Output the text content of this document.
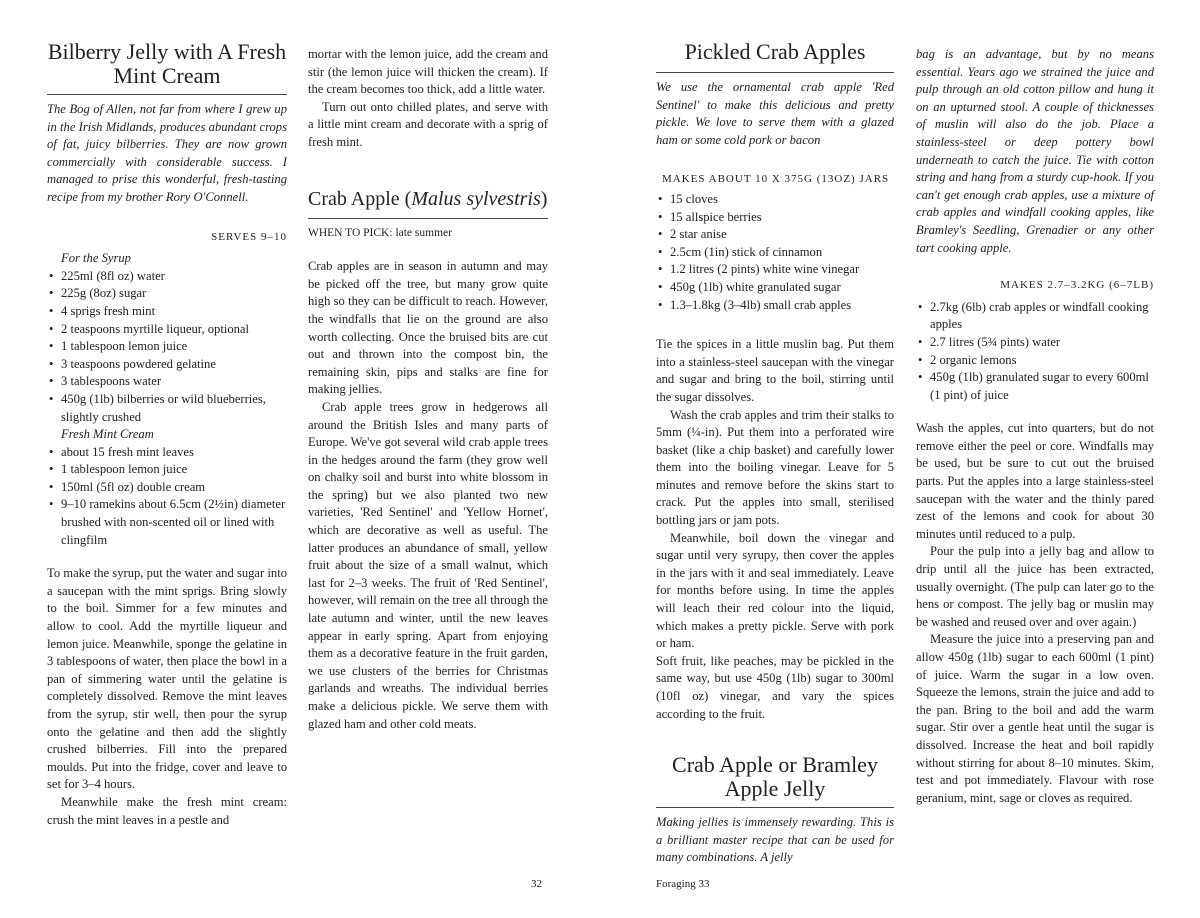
Bilberry Jelly with A Fresh Mint Cream

The Bog of Allen, not far from where I grew up in the Irish Midlands, produces abundant crops of fat, juicy bilberries. They are now grown commercially with considerable success. I managed to prise this wonderful, fresh-tasting recipe from my brother Rory O'Connell.

SERVES 9–10
For the Syrup
• 225ml (8fl oz) water
• 225g (8oz) sugar
• 4 sprigs fresh mint
• 2 teaspoons myrtille liqueur, optional
• 1 tablespoon lemon juice
• 3 teaspoons powdered gelatine
• 3 tablespoons water
• 450g (1lb) bilberries or wild blueberries, slightly crushed
Fresh Mint Cream
• about 15 fresh mint leaves
• 1 tablespoon lemon juice
• 150ml (5fl oz) double cream
• 9–10 ramekins about 6.5cm (2½in) diameter brushed with non-scented oil or lined with clingfilm

To make the syrup, put the water and sugar into a saucepan with the mint sprigs. Bring slowly to the boil. Simmer for a few minutes and allow to cool. Add the myrtille liqueur and lemon juice. Meanwhile, sponge the gelatine in 3 tablespoons of water, then place the bowl in a pan of simmering water until the gelatine is completely dissolved. Remove the mint leaves from the syrup, stir well, then pour the syrup onto the gelatine and then add the slightly crushed bilberries. Fill into the prepared moulds. Put into the fridge, cover and leave to set for 3–4 hours.

Meanwhile make the fresh mint cream: crush the mint leaves in a pestle and

mortar with the lemon juice, add the cream and stir (the lemon juice will thicken the cream). If the cream becomes too thick, add a little water.

Turn out onto chilled plates, and serve with a little mint cream and decorate with a sprig of fresh mint.

Crab Apple (Malus sylvestris)
WHEN TO PICK: late summer

Crab apples are in season in autumn and may be picked off the tree, but many grow quite high so they can be difficult to reach. However, the windfalls that lie on the ground are also worth collecting. Once the bruised bits are cut out and thrown into the compost bin, the remaining skin, pips and stalks are fine for making jellies.

Crab apple trees grow in hedgerows all around the British Isles and many parts of Europe. We've got several wild crab apple trees in the hedges around the farm (they grow well on chalky soil and burst into white blossom in the spring) but we also planted two new varieties, 'Red Sentinel' and 'Yellow Hornet', which are decorative as well as useful. The latter produces an abundance of small, yellow fruit about the size of a small walnut, which last for 2–3 weeks. The fruit of 'Red Sentinel', however, will remain on the tree all through the late autumn and winter, until the new leaves appear in early spring. Apart from enjoying them as a decorative feature in the fruit garden, we use clusters of the berries for Christmas garlands and wreaths. The individual berries make a delicious pickle. We serve them with glazed ham and other cold meats.

Pickled Crab Apples

We use the ornamental crab apple 'Red Sentinel' to make this delicious and pretty pickle. We love to serve them with a glazed ham or some cold pork or bacon

MAKES ABOUT 10 X 375G (13OZ) JARS
• 15 cloves
• 15 allspice berries
• 2 star anise
• 2.5cm (1in) stick of cinnamon
• 1.2 litres (2 pints) white wine vinegar
• 450g (1lb) white granulated sugar
• 1.3–1.8kg (3–4lb) small crab apples

Tie the spices in a little muslin bag. Put them into a stainless-steel saucepan with the vinegar and sugar and bring to the boil, stirring until the sugar dissolves.

Wash the crab apples and trim their stalks to 5mm (¼-in). Put them into a perforated wire basket (like a chip basket) and carefully lower them into the boiling vinegar. Leave for 5 minutes and remove before the skins start to crack. Put the apples into small, sterilised bottling jars or jam pots.

Meanwhile, boil down the vinegar and sugar until very syrupy, then cover the apples in the jars with it and seal immediately. Leave for months before using. In time the apples will leach their red colour into the liquid, which makes a pretty pickle. Serve with pork or ham.

Soft fruit, like peaches, may be pickled in the same way, but use 450g (1lb) sugar to 300ml (10fl oz) vinegar, and vary the spices according to the fruit.

Crab Apple or Bramley Apple Jelly

Making jellies is immensely rewarding. This is a brilliant master recipe that can be used for many combinations. A jelly

bag is an advantage, but by no means essential. Years ago we strained the juice and pulp through an old cotton pillow and hung it on an upturned stool. A couple of thicknesses of muslin will also do the job. Place a stainless-steel or deep pottery bowl underneath to catch the juice. Tie with cotton string and hang from a sturdy cup-hook. If you can't get enough crab apples, use a mixture of crab apples and windfall cooking apples, like Bramley's Seedling, Grenadier or any other tart cooking apple.

MAKES 2.7–3.2KG (6–7LB)
• 2.7kg (6lb) crab apples or windfall cooking apples
• 2.7 litres (5¾ pints) water
• 2 organic lemons
• 450g (1lb) granulated sugar to every 600ml (1 pint) of juice

Wash the apples, cut into quarters, but do not remove either the peel or core. Windfalls may be used, but be sure to cut out the bruised parts. Put the apples into a large stainless-steel saucepan with the water and the thinly pared zest of the lemons and cook for about 30 minutes until reduced to a pulp.

Pour the pulp into a jelly bag and allow to drip until all the juice has been extracted, usually overnight. (The pulp can later go to the hens or compost. The jelly bag or muslin may be washed and reused over and over again.)

Measure the juice into a preserving pan and allow 450g (1lb) sugar to each 600ml (1 pint) of juice. Warm the sugar in a low oven. Squeeze the lemons, strain the juice and add to the pan. Bring to the boil and add the warm sugar. Stir over a gentle heat until the sugar is dissolved. Increase the heat and boil rapidly without stirring for about 8–10 minutes. Skim, test and pot immediately. Flavour with rose geranium, mint, sage or cloves as required.

32	Foraging 33
